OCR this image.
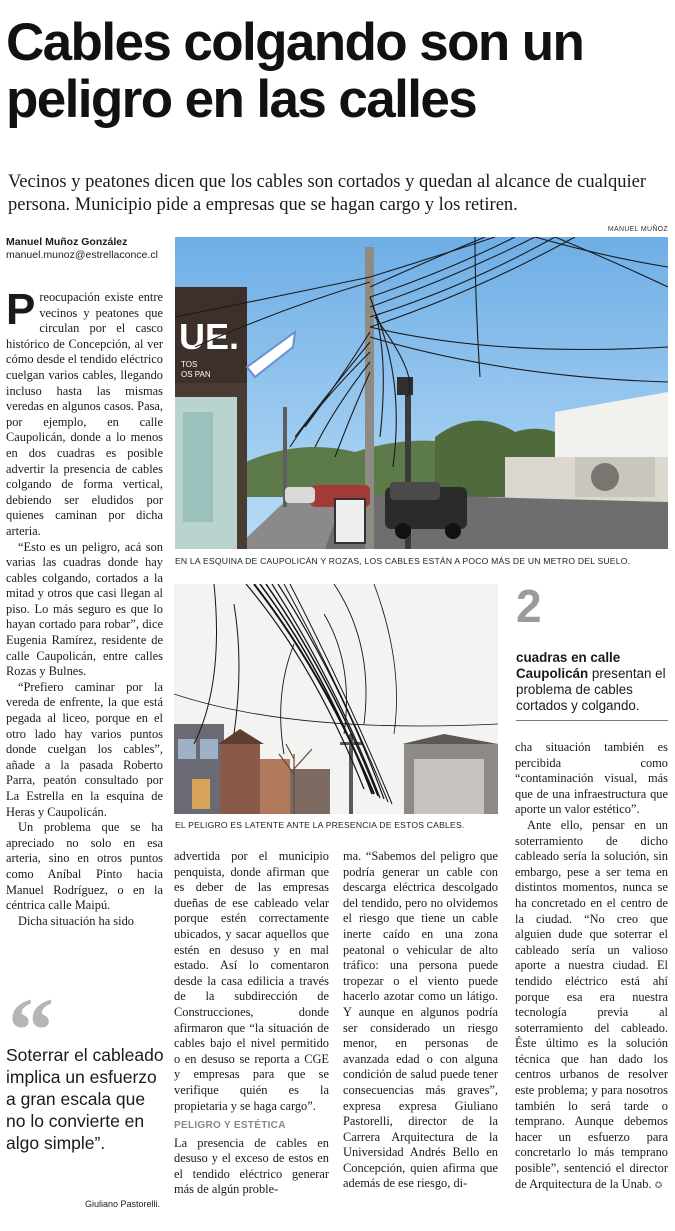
Cables colgando son un peligro en las calles

Vecinos y peatones dicen que los cables son cortados y quedan al alcance de cualquier persona. Municipio pide a empresas que se hagan cargo y los retiren.

Manuel Muñoz González
manuel.munoz@estrellaconce.cl
MANUEL MUÑOZ
UE.
TOS
OS PAN
EN LA ESQUINA DE CAUPOLICÁN Y ROZAS, LOS CABLES ESTÁN A POCO MÁS DE UN METRO DEL SUELO.
EL PELIGRO ES LATENTE ANTE LA PRESENCIA DE ESTOS CABLES.
2
cuadras en calle Caupolicán presentan el problema de cables cortados y colgando.

Preocupación existe entre vecinos y peatones que circulan por el casco histórico de Concepción, al ver cómo desde el tendido eléctrico cuelgan varios cables, llegando incluso hasta las mismas veredas en algunos casos. Pasa, por ejemplo, en calle Caupolicán, donde a lo menos en dos cuadras es posible advertir la presencia de cables colgando de forma vertical, debiendo ser eludidos por quienes caminan por dicha arteria.

“Esto es un peligro, acá son varias las cuadras donde hay cables colgando, cortados a la mitad y otros que casi llegan al piso. Lo más seguro es que lo hayan cortado para robar”, dice Eugenia Ramírez, residente de calle Caupolicán, entre calles Rozas y Bulnes.

“Prefiero caminar por la vereda de enfrente, la que está pegada al liceo, porque en el otro lado hay varios puntos donde cuelgan los cables”, añade a la pasada Roberto Parra, peatón consultado por La Estrella en la esquina de Heras y Caupolicán.

Un problema que se ha apreciado no solo en esa arteria, sino en otros puntos como Aníbal Pinto hacia Manuel Rodríguez, o en la céntrica calle Maipú.

Dicha situación ha sido

“
Soterrar el cableado implica un esfuerzo a gran escala que no lo convierte en algo simple”.
Giuliano Pastorelli.

advertida por el municipio penquista, donde afirman que es deber de las empresas dueñas de ese cableado velar porque estén correctamente ubicados, y sacar aquellos que estén en desuso y en mal estado. Así lo comentaron desde la casa edilicia a través de la subdirección de Construcciones, donde afirmaron que “la situación de cables bajo el nivel permitido o en desuso se reporta a CGE y empresas para que se verifique quién es la propietaria y se haga cargo”.

PELIGRO Y ESTÉTICA

La presencia de cables en desuso y el exceso de estos en el tendido eléctrico generar más de algún proble-

ma. “Sabemos del peligro que podría generar un cable con descarga eléctrica descolgado del tendido, pero no olvidemos el riesgo que tiene un cable inerte caído en una zona peatonal o vehicular de alto tráfico: una persona puede tropezar o el viento puede hacerlo azotar como un látigo. Y aunque en algunos podría ser considerado un riesgo menor, en personas de avanzada edad o con alguna condición de salud puede tener consecuencias más graves”, expresa expresa Giuliano Pastorelli, director de la Carrera Arquitectura de la Universidad Andrés Bello en Concepción, quien afirma que además de ese riesgo, di-

cha situación también es percibida como “contaminación visual, más que de una infraestructura que aporte un valor estético”.

Ante ello, pensar en un soterramiento de dicho cableado sería la solución, sin embargo, pese a ser tema en distintos momentos, nunca se ha concretado en el centro de la ciudad. “No creo que alguien dude que soterrar el cableado sería un valioso aporte a nuestra ciudad. El tendido eléctrico está ahí porque esa era nuestra tecnología previa al soterramiento del cableado. Éste último es la solución técnica que han dado los centros urbanos de resolver este problema; y para nosotros también lo será tarde o temprano. Aunque debemos hacer un esfuerzo para concretarlo lo más temprano posible”, sentenció el director de Arquitectura de la Unab. ✪
